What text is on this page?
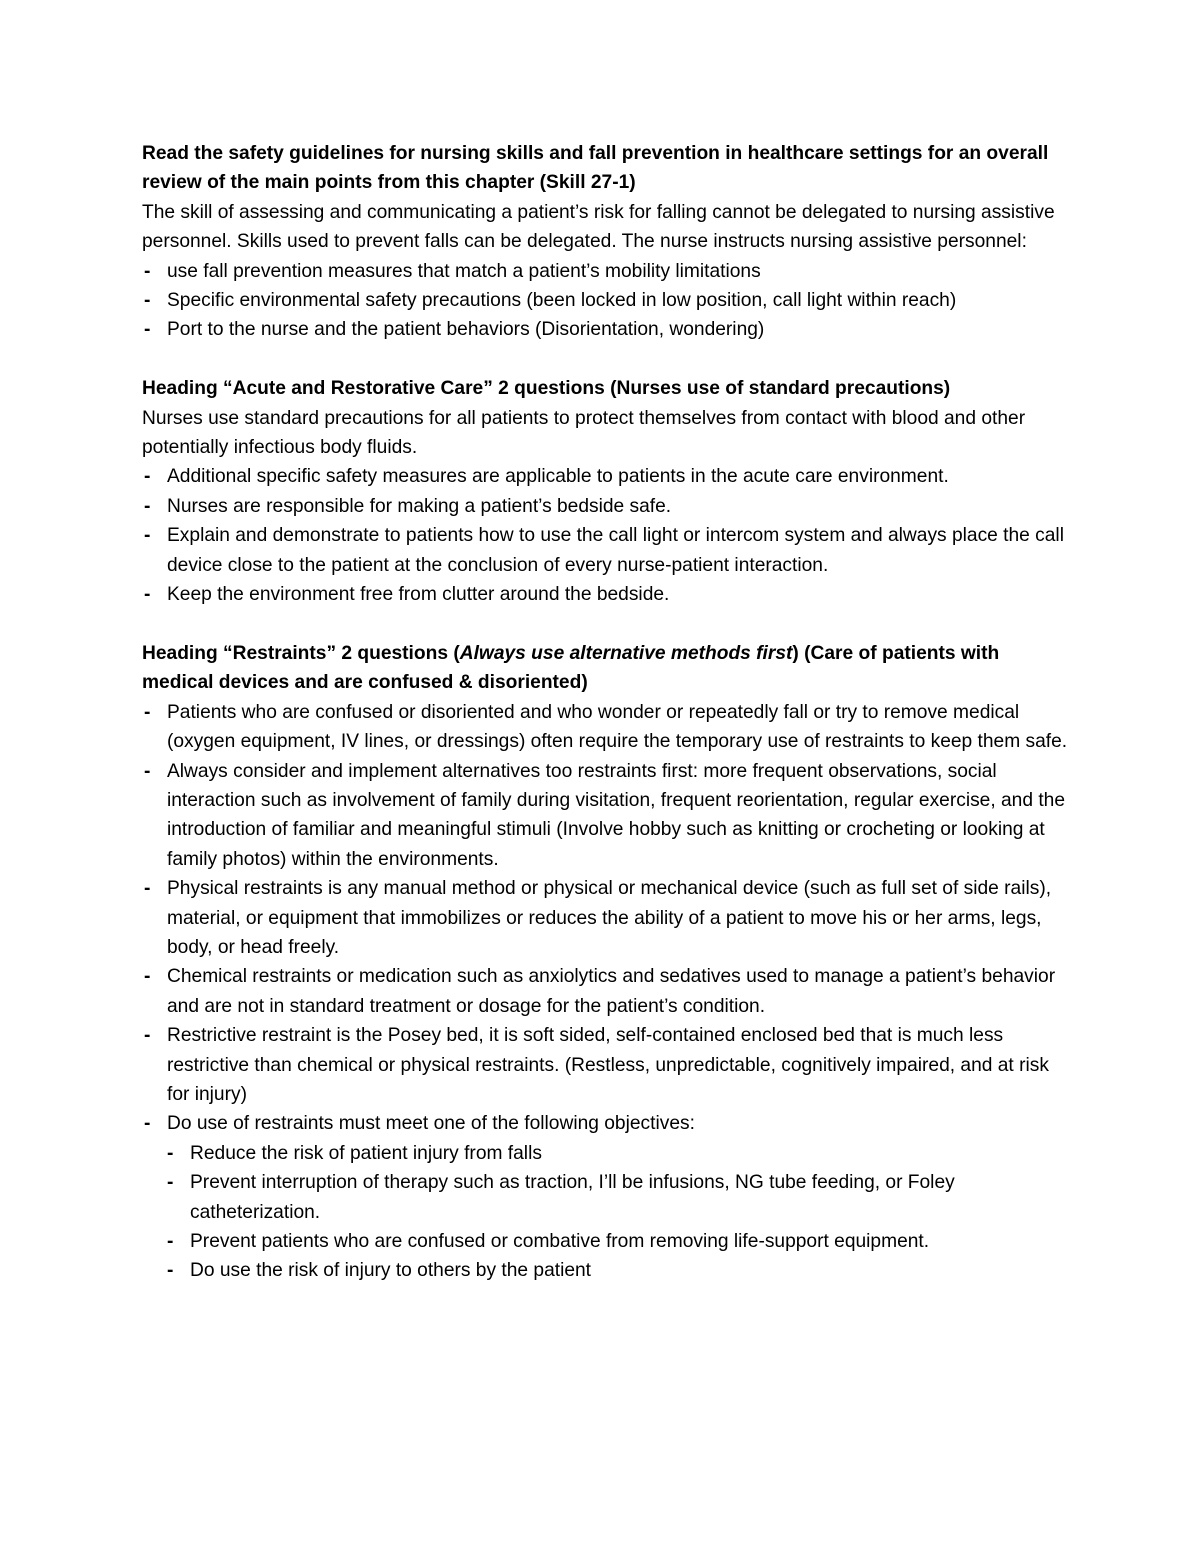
Read the safety guidelines for nursing skills and fall prevention in healthcare settings for an overall review of the main points from this chapter (Skill 27-1)

The skill of assessing and communicating a patient’s risk for falling cannot be delegated to nursing assistive personnel. Skills used to prevent falls can be delegated. The nurse instructs nursing assistive personnel:

- use fall prevention measures that match a patient’s mobility limitations
- Specific environmental safety precautions (been locked in low position, call light within reach)
- Port to the nurse and the patient behaviors (Disorientation, wondering)

Heading “Acute and Restorative Care” 2 questions (Nurses use of standard precautions)

Nurses use standard precautions for all patients to protect themselves from contact with blood and other potentially infectious body fluids.

- Additional specific safety measures are applicable to patients in the acute care environment.
- Nurses are responsible for making a patient’s bedside safe.
- Explain and demonstrate to patients how to use the call light or intercom system and always place the call device close to the patient at the conclusion of every nurse-patient interaction.
- Keep the environment free from clutter around the bedside.

Heading “Restraints” 2 questions (Always use alternative methods first) (Care of patients with medical devices and are confused & disoriented)

- Patients who are confused or disoriented and who wonder or repeatedly fall or try to remove medical (oxygen equipment, IV lines, or dressings) often require the temporary use of restraints to keep them safe.
- Always consider and implement alternatives too restraints first: more frequent observations, social interaction such as involvement of family during visitation, frequent reorientation, regular exercise, and the introduction of familiar and meaningful stimuli (Involve hobby such as knitting or crocheting or looking at family photos) within the environments.
- Physical restraints is any manual method or physical or mechanical device (such as full set of side rails), material, or equipment that immobilizes or reduces the ability of a patient to move his or her arms, legs, body, or head freely.
- Chemical restraints or medication such as anxiolytics and sedatives used to manage a patient’s behavior and are not in standard treatment or dosage for the patient’s condition.
- Restrictive restraint is the Posey bed, it is soft sided, self-contained enclosed bed that is much less restrictive than chemical or physical restraints. (Restless, unpredictable, cognitively impaired, and at risk for injury)
- Do use of restraints must meet one of the following objectives:
- Reduce the risk of patient injury from falls
- Prevent interruption of therapy such as traction, I’ll be infusions, NG tube feeding, or Foley catheterization.
- Prevent patients who are confused or combative from removing life-support equipment.
- Do use the risk of injury to others by the patient
